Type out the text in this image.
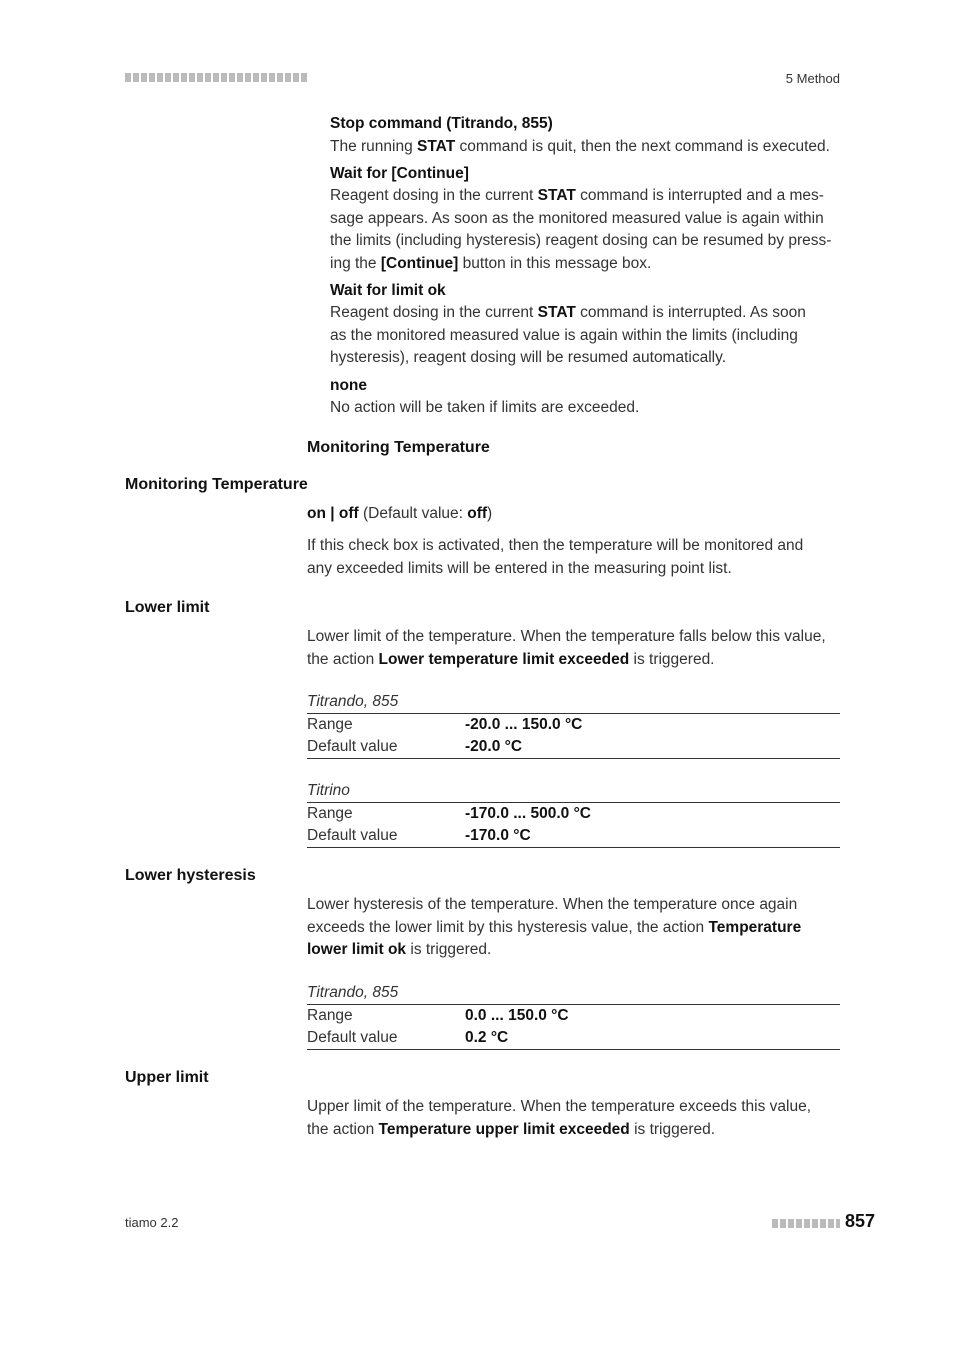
5 Method
Stop command (Titrando, 855)
The running STAT command is quit, then the next command is executed.
Wait for [Continue]
Reagent dosing in the current STAT command is interrupted and a mes-
sage appears. As soon as the monitored measured value is again within
the limits (including hysteresis) reagent dosing can be resumed by press-
ing the [Continue] button in this message box.
Wait for limit ok
Reagent dosing in the current STAT command is interrupted. As soon
as the monitored measured value is again within the limits (including
hysteresis), reagent dosing will be resumed automatically.
none
No action will be taken if limits are exceeded.
Monitoring Temperature
Monitoring Temperature
on | off (Default value: off)
If this check box is activated, then the temperature will be monitored and
any exceeded limits will be entered in the measuring point list.
Lower limit
Lower limit of the temperature. When the temperature falls below this value,
the action Lower temperature limit exceeded is triggered.
Titrando, 855
Range	-20.0 ... 150.0 °C
Default value	-20.0 °C
Titrino
Range	-170.0 ... 500.0 °C
Default value	-170.0 °C
Lower hysteresis
Lower hysteresis of the temperature. When the temperature once again
exceeds the lower limit by this hysteresis value, the action Temperature
lower limit ok is triggered.
Titrando, 855
Range	0.0 ... 150.0 °C
Default value	0.2 °C
Upper limit
Upper limit of the temperature. When the temperature exceeds this value,
the action Temperature upper limit exceeded is triggered.
tiamo 2.2	857
